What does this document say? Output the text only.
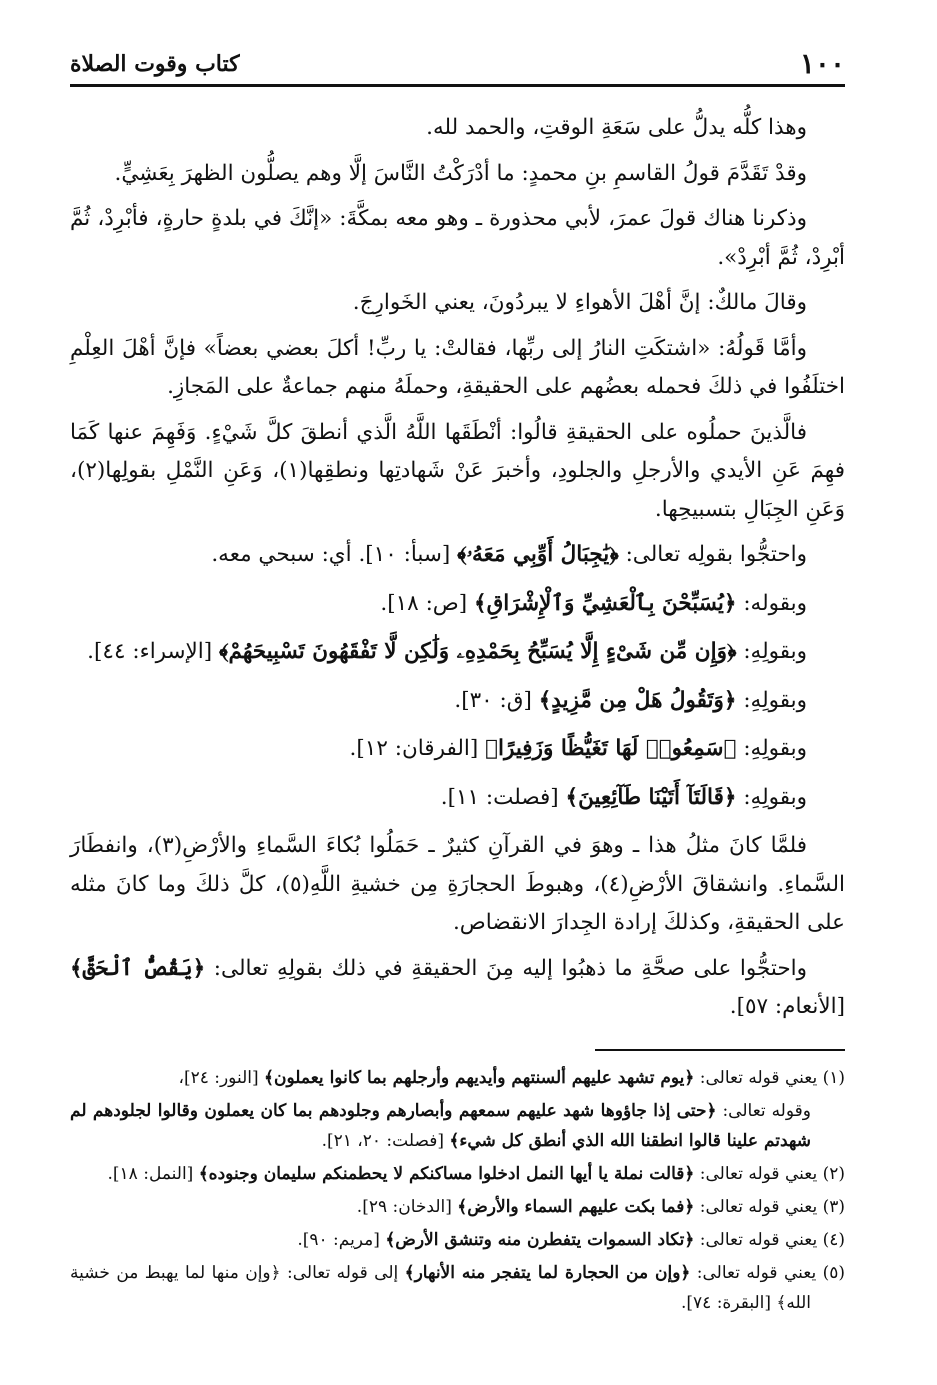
١٠٠
كتاب وقوت الصلاة

وهذا كلُّه يدلُّ على سَعَةِ الوقتِ، والحمد لله.

وقدْ تَقَدَّمَ قولُ القاسمِ بنِ محمدٍ: ما أدْرَكْتُ النَّاسَ إلَّا وهم يصلُّون الظهرَ بِعَشِيٍّ.

وذكرنا هناك قولَ عمرَ، لأبي محذورة ـ وهو معه بمكَّةَ: «إنَّكَ في بلدةٍ حارةٍ، فأبْرِدْ، ثُمَّ أبْرِدْ، ثُمَّ أبْرِدْ».

وقالَ مالكٌ: إنَّ أهْلَ الأهواءِ لا يبردُونَ، يعني الخَوارِجَ.

وأمَّا قَولُهُ: «اشتكَتِ النارُ إلى ربِّها، فقالتْ: يا ربِّ! أكلَ بعضي بعضاً» فإنَّ أهْلَ العِلْمِ اختلَفُوا في ذلكَ فحمله بعضُهم على الحقيقةِ، وحملَهُ منهم جماعةٌ على المَجازِ.

فالَّذينَ حملُوه على الحقيقةِ قالُوا: أنْطَقَها اللَّهُ الَّذي أنطقَ كلَّ شَيْءٍ. وَفَهِمَ عنها كَمَا فهِمَ عَنِ الأيدي والأرجلِ والجلودِ، وأخبرَ عَنْ شَهادتِها ونطقِها(١)، وَعَنِ النَّمْلِ بقولِها(٢)، وَعَنِ الجِبَالِ بتسبيحِها.

واحتجُّوا بقولِه تعالى: ﴿يَٰجِبَالُ أَوِّبِي مَعَهُۥ﴾ [سبأ: ١٠]. أي: سبحي معه.

وبقوله: ﴿يُسَبِّحْنَ بِٱلْعَشِيِّ وَٱلْإِشْرَاقِ﴾ [ص: ١٨].

وبقولِهِ: ﴿وَإِن مِّن شَىْءٍ إِلَّا يُسَبِّحُ بِحَمْدِهِۦ وَلَٰكِن لَّا تَفْقَهُونَ تَسْبِيحَهُمْ﴾ [الإسراء: ٤٤].

وبقولِهِ: ﴿وَتَقُولُ هَلْ مِن مَّزِيدٍ﴾ [ق: ٣٠].

وبقولِهِ: ﴿سَمِعُوا۟ لَهَا تَغَيُّظًا وَزَفِيرًا﴾ [الفرقان: ١٢].

وبقولِهِ: ﴿قَالَتَآ أَتَيْنَا طَآئِعِينَ﴾ [فصلت: ١١].

فلمَّا كانَ مثلُ هذا ـ وهوَ في القرآنِ كثيرٌ ـ حَمَلُوا بُكاءَ السَّماءِ والأرْضِ(٣)، وانفطَارَ السَّماءِ. وانشقاقَ الأرْضِ(٤)، وهبوطَ الحجارَةِ مِن خشيةِ اللَّهِ(٥)، كلَّ ذلكَ وما كانَ مثله على الحقيقةِ، وكذلكَ إرادة الجِدارَ الانقضاص.

واحتجُّوا على صحَّةِ ما ذهبُوا إليه مِنَ الحقيقةِ في ذلك بقولِهِ تعالى: ﴿يَقُصُّ ٱلْحَقَّ﴾ [الأنعام: ٥٧].

(١) يعني قوله تعالى: ﴿يوم تشهد عليهم ألسنتهم وأيديهم وأرجلهم بما كانوا يعملون﴾ [النور: ٢٤]،

وقوله تعالى: ﴿حتى إذا جاؤوها شهد عليهم سمعهم وأبصارهم وجلودهم بما كان يعملون وقالوا لجلودهم لم شهدتم علينا قالوا انطقنا الله الذي أنطق كل شيء﴾ [فصلت: ٢٠، ٢١].

(٢) يعني قوله تعالى: ﴿قالت نملة يا أيها النمل ادخلوا مساكنكم لا يحطمنكم سليمان وجنوده﴾ [النمل: ١٨].

(٣) يعني قوله تعالى: ﴿فما بكت عليهم السماء والأرض﴾ [الدخان: ٢٩].

(٤) يعني قوله تعالى: ﴿تكاد السموات يتفطرن منه وتنشق الأرض﴾ [مريم: ٩٠].

(٥) يعني قوله تعالى: ﴿وإن من الحجارة لما يتفجر منه الأنهار﴾ إلى قوله تعالى: ﴿وإن منها لما يهبط من خشية الله﴾ [البقرة: ٧٤].
